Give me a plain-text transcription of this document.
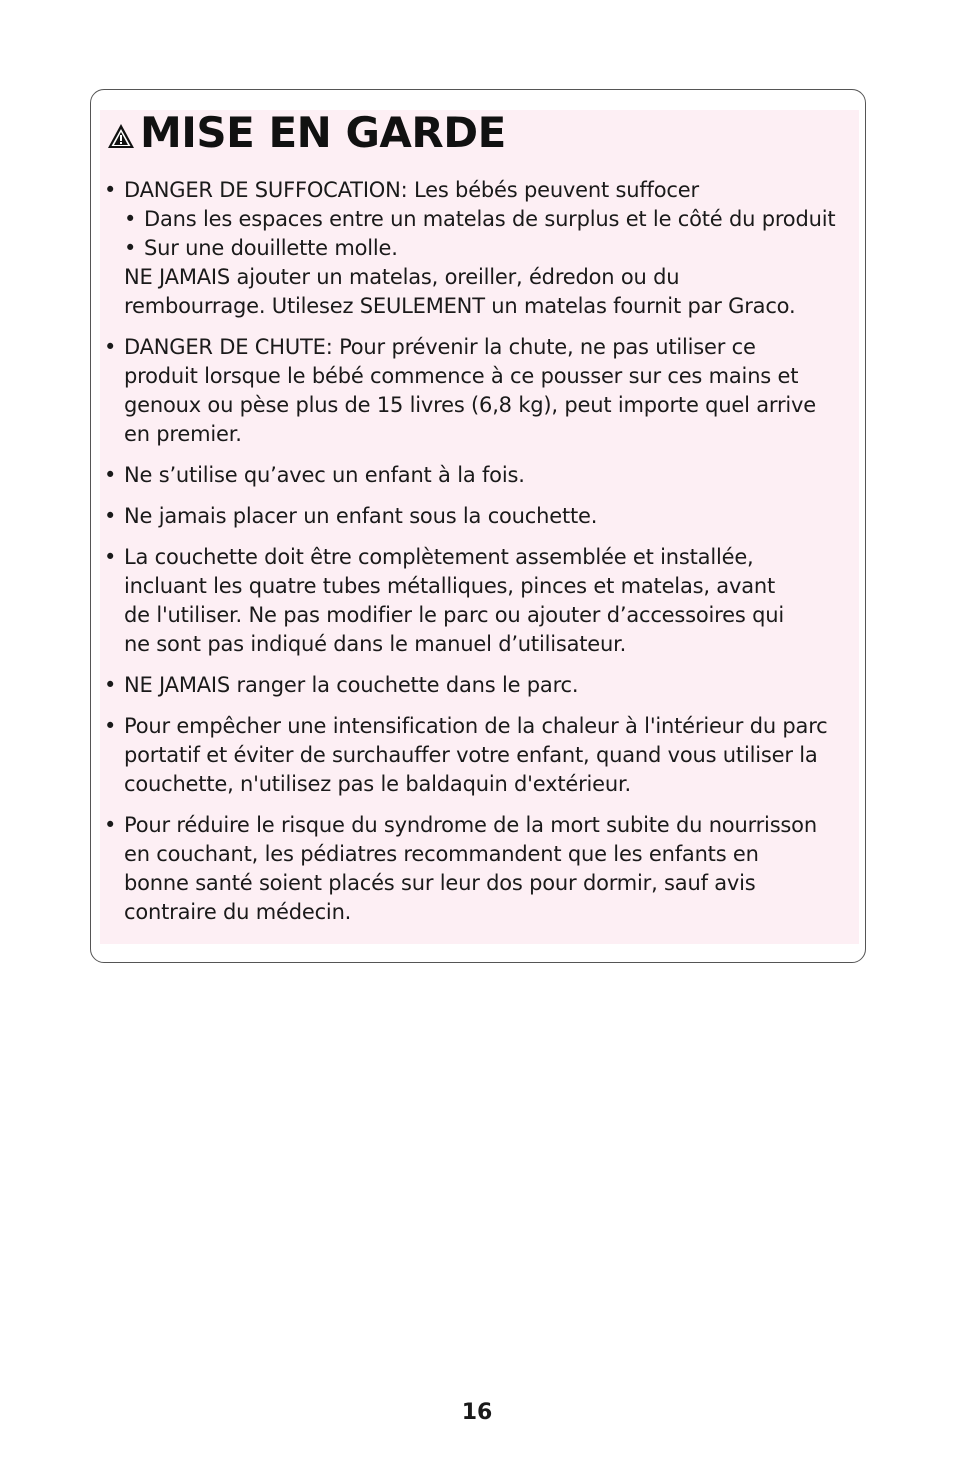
MISE EN GARDE
• DANGER DE SUFFOCATION: Les bébés peuvent suffocer
• Dans les espaces entre un matelas de surplus et le côté du produit
• Sur une douillette molle.
NE JAMAIS ajouter un matelas, oreiller, édredon ou du
rembourrage. Utilesez SEULEMENT un matelas fournit par Graco.
• DANGER DE CHUTE: Pour prévenir la chute, ne pas utiliser ce
produit lorsque le bébé commence à ce pousser sur ces mains et
genoux ou pèse plus de 15 livres (6,8 kg), peut importe quel arrive
en premier.
• Ne s’utilise qu’avec un enfant à la fois.
• Ne jamais placer un enfant sous la couchette.
• La couchette doit être complètement assemblée et installée,
incluant les quatre tubes métalliques, pinces et matelas, avant
de l'utiliser. Ne pas modifier le parc ou ajouter d’accessoires qui
ne sont pas indiqué dans le manuel d’utilisateur.
• NE JAMAIS ranger la couchette dans le parc.
• Pour empêcher une intensification de la chaleur à l'intérieur du parc
portatif et éviter de surchauffer votre enfant, quand vous utiliser la
couchette, n'utilisez pas le baldaquin d'extérieur.
• Pour réduire le risque du syndrome de la mort subite du nourrisson
en couchant, les pédiatres recommandent que les enfants en
bonne santé soient placés sur leur dos pour dormir, sauf avis
contraire du médecin.
16
